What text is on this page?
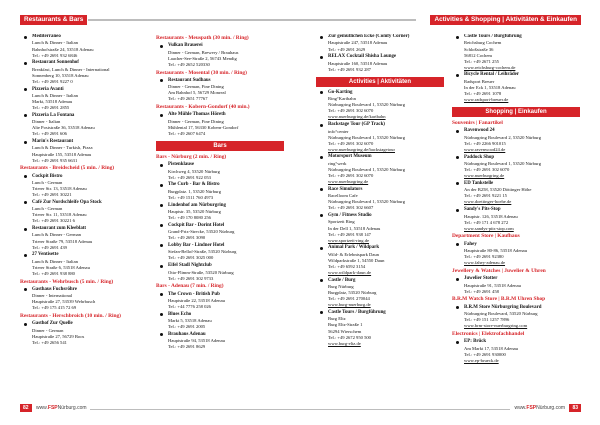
Restaurants & Bars
Mediterraneo
Lunch & Dinner - Italian
Bahnhofstraße 24, 53518 Adenau
Tel.: +49 2691 932 6846
Restaurant Sonnenhof
Breakfast, Lunch & Dinner - International
Sonnenberg 10, 53518 Adenau
Tel.: +49 2691 9227 0
Pizzeria Avanti
Lunch & Dinner - Italian
Markt, 53518 Adenau
Tel.: +49 2691 2855
Pizzeria La Fontana
Dinner - Italian
Alte Poststraße 36, 53518 Adenau
Tel.: +49 2691 606
Marin's Restaurant
Lunch & Dinner - Turkish, Pizza
Hauptstraße 155, 53518 Adenau
Tel.: +49 2691 935 6631
Restaurants - Breidscheid (5 min. / Ring)
Cockpit Bistro
Lunch - German
Trierer Str. 13, 53518 Adenau
Tel.: +49 2691 30221
Café Zur Nordschleife Opa Stock
Lunch - German
Trierer Str. 11, 53518 Adenau
Tel.: +49 2691 30221 6
Restaurant zum Kleeblatt
Lunch & Dinner - German
Trierer Straße 79, 53518 Adenau
Tel.: +49 2691 439
27 Ventisette
Lunch & Dinner - Italian
Trierer Straße 6, 53518 Adenau
Tel.: +49 2691 938 880
Restaurants - Wehrbusch (5 min. / Ring)
Gasthaus Fuchsröhre
Dinner - International
Hauptstraße 27, 53539 Wehrbusch
Tel.: +49 175 415 72 69
Restaurants - Herschbroich (10 min. / Ring)
Gasthof Zur Quelle
Dinner - German
Hauptstraße 27, 56729 Boos
Tel.: +49 2656 541
Restaurants - Meuspath (30 min. / Ring)
Vulkan Brauerei
Dinner - German, Brewery / Brauhaus
Laacher-See-Straße 2, 56743 Mendig
Tel.: +49 2652 520330
Restaurants - Mosental (30 min. / Ring)
Restaurant Sudhaus
Dinner - German, Fine Dining
Am Bahnhof 5, 56729 Monreal
Tel.: +49 2651 77767
Restaurants - Kobern-Gondorf (40 min.)
Alte Mühle Thomas Höreth
Dinner - German, Fine Dining
Mühlental 17, 56330 Kobern-Gondorf
Tel.: +49 2607 6474
Bars
Bars - Nürburg (2 min. / Ring)
Pistenklause
Kirchweg 4, 53520 Nürburg
Tel.: +49 2691 922 053
The Curb - Bar & Bistro
Burgplatz. 1, 53520 Nürburg
Tel.: +49 1511 760 4973
Lindenhof am Nürburgring
Hauptstr. 35, 53520 Nürburg
Tel.: +49 170 8080 256
Cockpit Bar - Dorint Hotel
Grand-Prix-Strecke, 53520 Nürburg
Tel.: +49 2691 3090
Lobby Bar - Lindner Hotel
Stefan-Bellof-Straße, 53520 Nürburg
Tel.: +49 2691 3025 000
Eifel Stadl Nightclub
Otto-Flimm-Straße, 53520 Nürburg
Tel.: +49 2691 302 9733
Bars - Adenau (7 min. / Ring)
The Crown - British Pub
Hauptstraße 22, 53518 Adenau
Tel.: +44 7776 258 026
Blues Echo
Markt 5, 53518 Adenau
Tel.: +49 2691 2005
Brauhaus Adenau
Hauptstraße 94, 53518 Adenau
Tel.: +49 2691 8629
82 www.FSPNürburg.com
Activities & Shopping | Aktivitäten & Einkaufen
Zur gemütlichen Ecke (Comfy Corner)
Hauptstraße 247, 53518 Adenau
Tel.: +49 2691 2629
RELAX Cocktail Shisha Lounge
Hauptstraße 160, 53518 Adenau
Tel.: +49 2691 932 287
Activities | Aktivitäten
Go-Karting
Ring°Kartbahn
Nürburgring Boulevard 1, 53520 Nürburg
Tel.: +49 2691 302 6070
www.nuerburgring.de/kartbahn
Backstage Tour (GP Track)
info°center
Nürburgring Boulevard 1, 53520 Nürburg
Tel.: +49 2691 302 6070
www.nuerburgring.de/backstagetour
Motorsport Museum
ring°werk
Nürburgring Boulevard 1, 53520 Nürburg
Tel.: +49 2691 302 6070
www.nuerburgring.de
Race Simulators
Racelloom Cafe
Nürburgring Boulevard 1, 53520 Nürburg
Tel.: +49 2691 302 6607
Gym / Fitness Studio
Sportzeit Ring
In der Dell 1, 53518 Adenau
Tel.: +49 2691 938 147
www.sportzeit-ring.de
Animal Park / Wildpark
Wild- & Erlebnispark Daun
Wildparkstraße 1, 54550 Daun
Tel.: +49 6592 3154
www.wildpark-daun.de
Castle / Burg
Burg Nürburg
Burgplatz, 53520 Nürburg
Tel.: +49 2691 270044
www.burg-nuerburg.de
Castle Tours / Burgführung
Burg Eltz
Burg Eltz-Straße 1
56294 Wierschem
Tel.: +49 2672 950 500
www.burg-eltz.de
Castle Tours / Burgführung
Reichsburg Cochem
Schloßstraße 36
56812 Cochem
Tel.: +49 2671 255
www.reichsburg-cochem.de
Bicycle Rental / Leihräder
Radsport Breuer
In der Eck 1, 53518 Adenau
Tel.: +49 2691 1078
www.radsport-breuer.de
Shopping | Einkaufen
Souvenirs | Fanartikel
Ravenwood 24
Nürburgring Boulevard 2, 53520 Nürburg
Tel.: +49 2266 901015
www.ravenwood24.de
Paddock Shop
Nürburgring Boulevard 1, 53520 Nürburg
Tel.: +49 2691 302 6070
www.nuerburgring.de
ED Tankstelle
An der B258, 53520 Döttinger Höhe
Tel.: +49 2691 9221 15
www.doettinger-hoehe.de
Sandy's Pits-Stop
Hauptstr. 126, 53518 Adenau
Tel.: +49 171 4 678 272
www.sandys-pits-stop.com
Department Store | Kaufhaus
Fahey
Hauptstraße 80-86, 53518 Adenau
Tel.: +49 2691 92380
www.fahey-adenau.de
Jewellery & Watches | Juwelier & Uhren
Juwelier Stotter
Hauptstraße 91, 53518 Adenau
Tel.: +49 2691 458
B.R.M Watch Store | B.R.M Uhren Shop
B.R.M Store Nürburgring Boulevard
Nürburgring Boulevard, 53520 Nürburg
Tel.: +49 151 1257 7896
www.brm-store-nuerburgring.com
Electronics | Elektrofachhandel
EP: Brück
Am Markt 17, 53518 Adenau
Tel.: +49 2691 930000
www.ep-brueck.de
www.FSPNürburg.com 83
